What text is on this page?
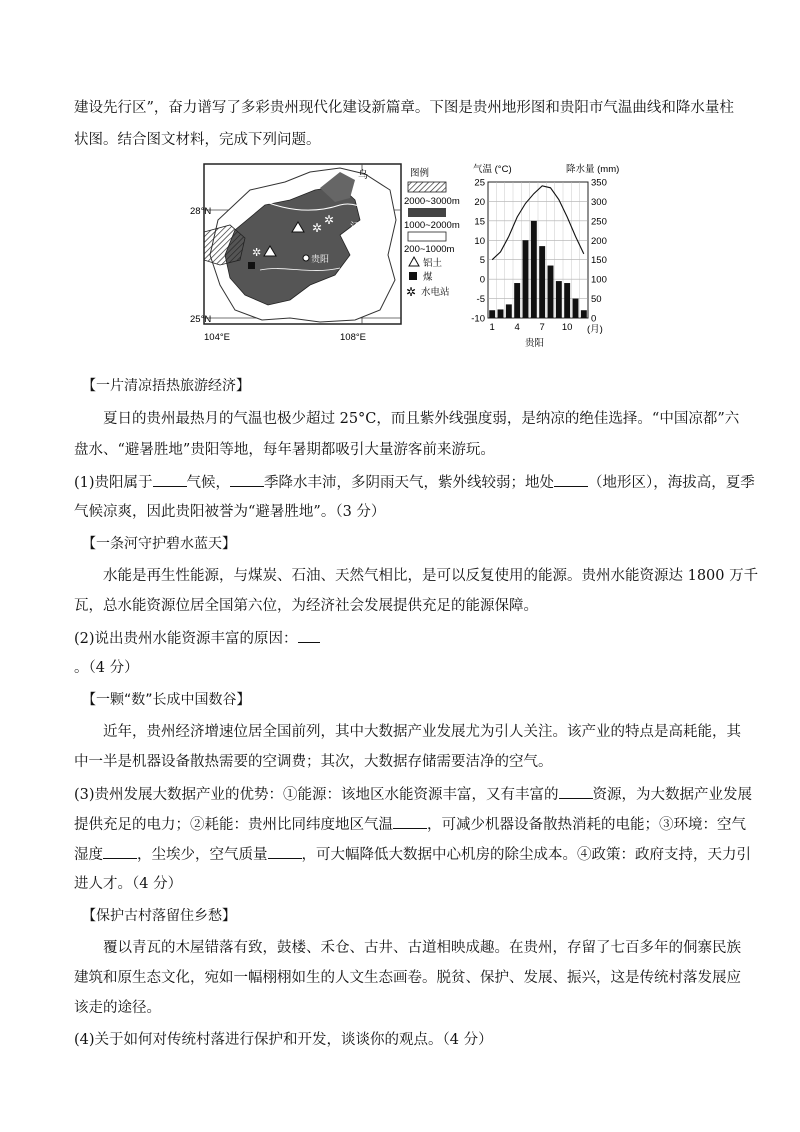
建设先行区”，奋力谱写了多彩贵州现代化建设新篇章。下图是贵州地形图和贵阳市气温曲线和降水量柱
状图。结合图文材料，完成下列问题。
✲
✲
✲
贵阳
乌
江
28°N
25°N
104°E	108°E
图例
2000~3000m
1000~2000m
200~1000m
铝土
煤
✲ 水电站
气温 (°C)	降水量 (mm)
25
20
15
10
5
0
-5
-10
350
300
250
200
150
100
50
0
1 4 7 10
贵阳
(月)
【一片清凉捂热旅游经济】
夏日的贵州最热月的气温也极少超过 25°C，而且紫外线强度弱，是纳凉的绝佳选择。“中国凉都”六
盘水、“避暑胜地”贵阳等地，每年暑期都吸引大量游客前来游玩。
(1)贵阳属于 气候， 季降水丰沛，多阴雨天气，紫外线较弱；地处 （地形区），海拔高，夏季
气候凉爽，因此贵阳被誉为“避暑胜地”。（3 分）
【一条河守护碧水蓝天】
水能是再生性能源，与煤炭、石油、天然气相比，是可以反复使用的能源。贵州水能资源达 1800 万千
瓦，总水能资源位居全国第六位，为经济社会发展提供充足的能源保障。
(2)说出贵州水能资源丰富的原因：
。（4 分）
【一颗“数”长成中国数谷】
近年，贵州经济增速位居全国前列，其中大数据产业发展尤为引人关注。该产业的特点是高耗能，其
中一半是机器设备散热需要的空调费；其次，大数据存储需要洁净的空气。
(3)贵州发展大数据产业的优势：①能源：该地区水能资源丰富，又有丰富的 资源，为大数据产业发展
提供充足的电力；②耗能：贵州比同纬度地区气温 ，可减少机器设备散热消耗的电能；③环境：空气
湿度 ，尘埃少，空气质量 ，可大幅降低大数据中心机房的除尘成本。④政策：政府支持，天力引
进人才。（4 分）
【保护古村落留住乡愁】
覆以青瓦的木屋错落有致，鼓楼、禾仓、古井、古道相映成趣。在贵州，存留了七百多年的侗寨民族
建筑和原生态文化，宛如一幅栩栩如生的人文生态画卷。脱贫、保护、发展、振兴，这是传统村落发展应
该走的途径。
(4)关于如何对传统村落进行保护和开发，谈谈你的观点。（4 分）
